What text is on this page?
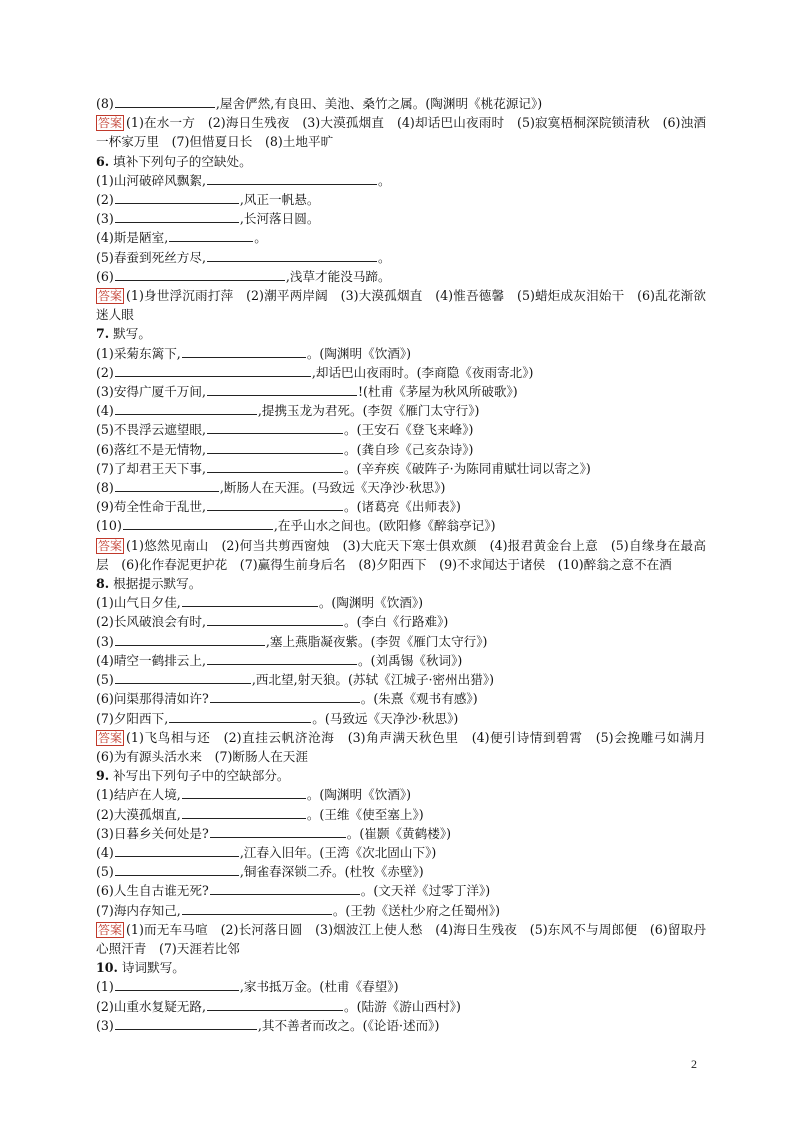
(8)	,屋舍俨然,有良田、美池、桑竹之属。(陶渊明《桃花源记》)
答案 (1)在水一方　(2)海日生残夜　(3)大漠孤烟直　(4)却话巴山夜雨时　(5)寂寞梧桐深院锁清秋　(6)浊酒一杯家万里　(7)但惜夏日长　(8)土地平旷
6. 填补下列句子的空缺处。
(1)山河破碎风飘絮,	。
(2)	,风正一帆悬。
(3)	,长河落日圆。
(4)斯是陋室,	。
(5)春蚕到死丝方尽,	。
(6)	,浅草才能没马蹄。
答案 (1)身世浮沉雨打萍　(2)潮平两岸阔　(3)大漠孤烟直　(4)惟吾德馨　(5)蜡炬成灰泪始干　(6)乱花渐欲迷人眼
7. 默写。
(1)采菊东篱下,	。(陶渊明《饮酒》)
(2)	,却话巴山夜雨时。(李商隐《夜雨寄北》)
(3)安得广厦千万间,	!(杜甫《茅屋为秋风所破歌》)
(4)	,提携玉龙为君死。(李贺《雁门太守行》)
(5)不畏浮云遮望眼,	。(王安石《登飞来峰》)
(6)落红不是无情物,	。(龚自珍《己亥杂诗》)
(7)了却君王天下事,	。(辛弃疾《破阵子·为陈同甫赋壮词以寄之》)
(8)	,断肠人在天涯。(马致远《天净沙·秋思》)
(9)苟全性命于乱世,	。(诸葛亮《出师表》)
(10)	,在乎山水之间也。(欧阳修《醉翁亭记》)
答案 (1)悠然见南山　(2)何当共剪西窗烛　(3)大庇天下寒士俱欢颜　(4)报君黄金台上意　(5)自缘身在最高层　(6)化作春泥更护花　(7)赢得生前身后名　(8)夕阳西下　(9)不求闻达于诸侯　(10)醉翁之意不在酒
8. 根据提示默写。
(1)山气日夕佳,	。(陶渊明《饮酒》)
(2)长风破浪会有时,	。(李白《行路难》)
(3)	,塞上燕脂凝夜紫。(李贺《雁门太守行》)
(4)晴空一鹤排云上,	。(刘禹锡《秋词》)
(5)	,西北望,射天狼。(苏轼《江城子·密州出猎》)
(6)问渠那得清如许?	。(朱熹《观书有感》)
(7)夕阳西下,	。(马致远《天净沙·秋思》)
答案 (1)飞鸟相与还　(2)直挂云帆济沧海　(3)角声满天秋色里　(4)便引诗情到碧霄　(5)会挽雕弓如满月　(6)为有源头活水来　(7)断肠人在天涯
9. 补写出下列句子中的空缺部分。
(1)结庐在人境,	。(陶渊明《饮酒》)
(2)大漠孤烟直,	。(王维《使至塞上》)
(3)日暮乡关何处是?	。(崔颢《黄鹤楼》)
(4)	,江春入旧年。(王湾《次北固山下》)
(5)	,铜雀春深锁二乔。(杜牧《赤壁》)
(6)人生自古谁无死?	。(文天祥《过零丁洋》)
(7)海内存知己,	。(王勃《送杜少府之任蜀州》)
答案 (1)而无车马喧　(2)长河落日圆　(3)烟波江上使人愁　(4)海日生残夜　(5)东风不与周郎便　(6)留取丹心照汗青　(7)天涯若比邻
10. 诗词默写。
(1)	,家书抵万金。(杜甫《春望》)
(2)山重水复疑无路,	。(陆游《游山西村》)
(3)	,其不善者而改之。(《论语·述而》)
2
